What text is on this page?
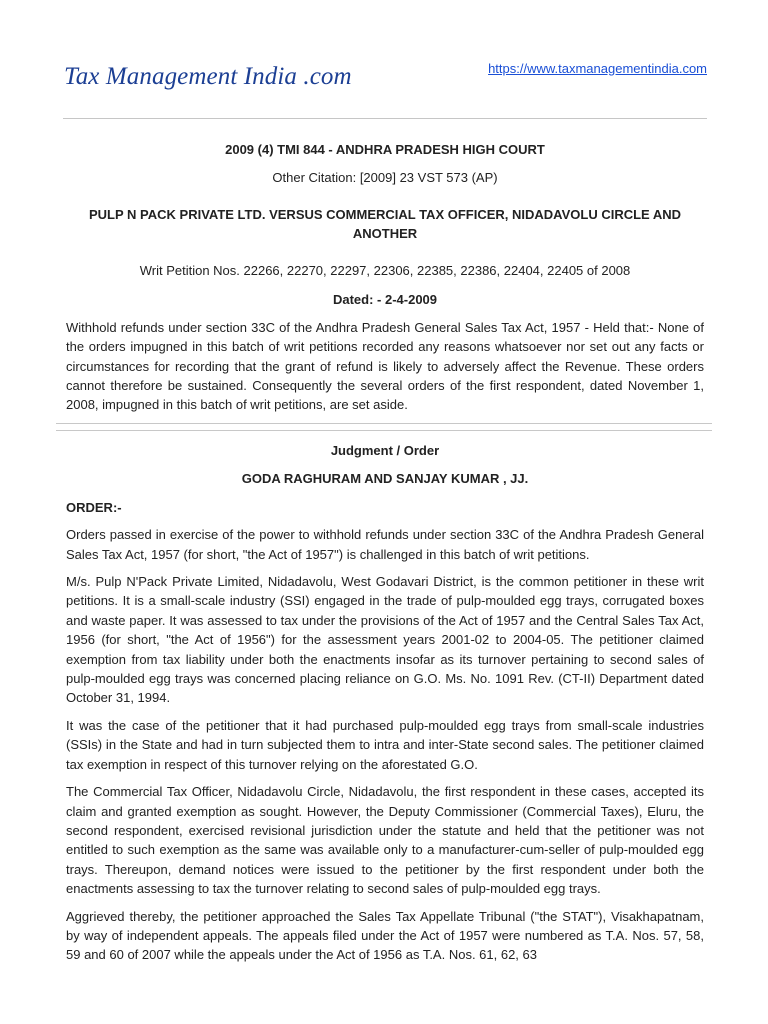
Tax Management India .com	https://www.taxmanagementindia.com
2009 (4) TMI 844 - ANDHRA PRADESH HIGH COURT
Other Citation: [2009] 23 VST 573 (AP)
PULP N PACK PRIVATE LTD. VERSUS COMMERCIAL TAX OFFICER, NIDADAVOLU CIRCLE AND ANOTHER
Writ Petition Nos. 22266, 22270, 22297, 22306, 22385, 22386, 22404, 22405 of 2008
Dated: - 2-4-2009

Withhold refunds under section 33C of the Andhra Pradesh General Sales Tax Act, 1957 - Held that:- None of the orders impugned in this batch of writ petitions recorded any reasons whatsoever nor set out any facts or circumstances for recording that the grant of refund is likely to adversely affect the Revenue. These orders cannot therefore be sustained. Consequently the several orders of the first respondent, dated November 1, 2008, impugned in this batch of writ petitions, are set aside.

Judgment / Order
GODA RAGHURAM AND SANJAY KUMAR , JJ.
ORDER:-

Orders passed in exercise of the power to withhold refunds under section 33C of the Andhra Pradesh General Sales Tax Act, 1957 (for short, "the Act of 1957") is challenged in this batch of writ petitions.

M/s. Pulp N'Pack Private Limited, Nidadavolu, West Godavari District, is the common petitioner in these writ petitions. It is a small-scale industry (SSI) engaged in the trade of pulp-moulded egg trays, corrugated boxes and waste paper. It was assessed to tax under the provisions of the Act of 1957 and the Central Sales Tax Act, 1956 (for short, "the Act of 1956") for the assessment years 2001-02 to 2004-05. The petitioner claimed exemption from tax liability under both the enactments insofar as its turnover pertaining to second sales of pulp-moulded egg trays was concerned placing reliance on G.O. Ms. No. 1091 Rev. (CT-II) Department dated October 31, 1994.

It was the case of the petitioner that it had purchased pulp-moulded egg trays from small-scale industries (SSIs) in the State and had in turn subjected them to intra and inter-State second sales. The petitioner claimed tax exemption in respect of this turnover relying on the aforestated G.O.

The Commercial Tax Officer, Nidadavolu Circle, Nidadavolu, the first respondent in these cases, accepted its claim and granted exemption as sought. However, the Deputy Commissioner (Commercial Taxes), Eluru, the second respondent, exercised revisional jurisdiction under the statute and held that the petitioner was not entitled to such exemption as the same was available only to a manufacturer-cum-seller of pulp-moulded egg trays. Thereupon, demand notices were issued to the petitioner by the first respondent under both the enactments assessing to tax the turnover relating to second sales of pulp-moulded egg trays.

Aggrieved thereby, the petitioner approached the Sales Tax Appellate Tribunal ("the STAT"), Visakhapatnam, by way of independent appeals. The appeals filed under the Act of 1957 were numbered as T.A. Nos. 57, 58, 59 and 60 of 2007 while the appeals under the Act of 1956 as T.A. Nos. 61, 62, 63
